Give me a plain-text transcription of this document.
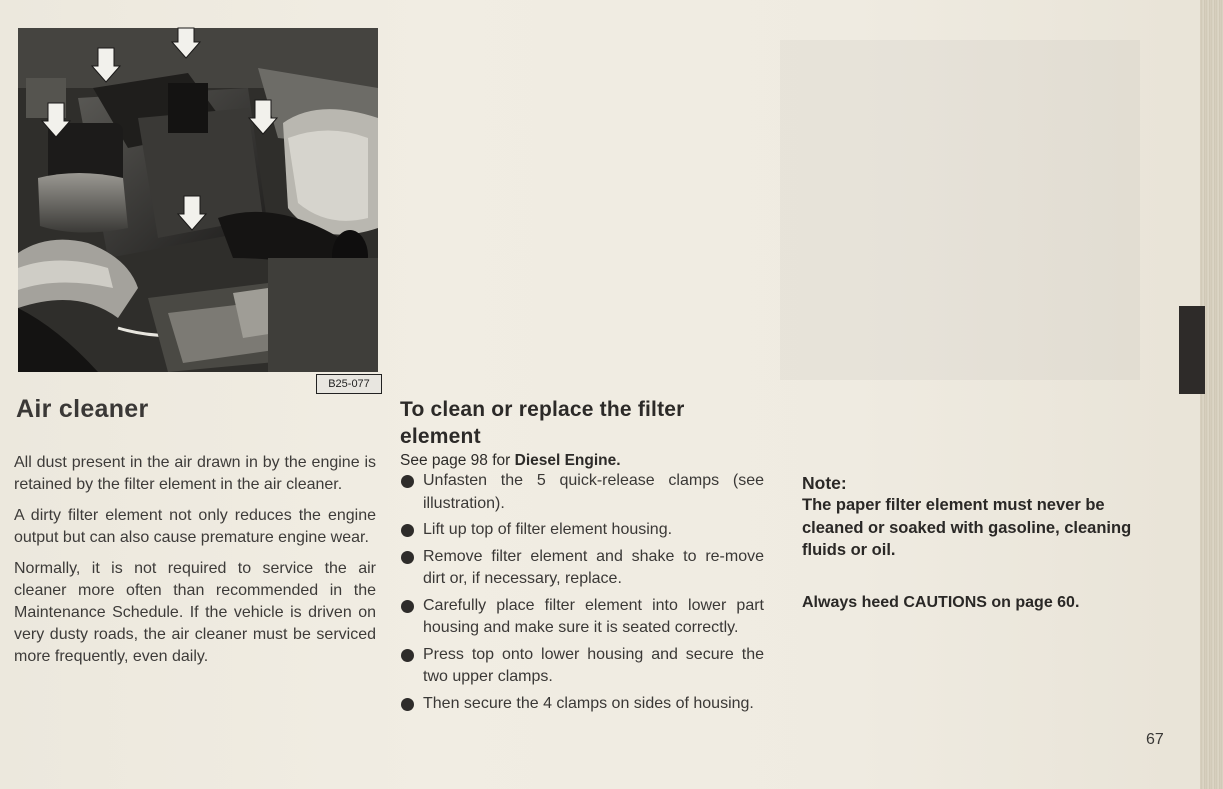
B25-077
Air cleaner

All dust present in the air drawn in by the engine is retained by the filter element in the air cleaner.

A dirty filter element not only reduces the engine output but can also cause premature engine wear.

Normally, it is not required to service the air cleaner more often than recommended in the Maintenance Schedule. If the vehicle is driven on very dusty roads, the air cleaner must be serviced more frequently, even daily.

To clean or replace the filter element
See page 98 for Diesel Engine.
Unfasten the 5 quick-release clamps (see illustration).
Lift up top of filter element housing.
Remove filter element and shake to re-move dirt or, if necessary, replace.
Carefully place filter element into lower part housing and make sure it is seated correctly.
Press top onto lower housing and secure the two upper clamps.
Then secure the 4 clamps on sides of housing.
Note:
The paper filter element must never be cleaned or soaked with gasoline, cleaning fluids or oil.
Always heed CAUTIONS on page 60.
67
